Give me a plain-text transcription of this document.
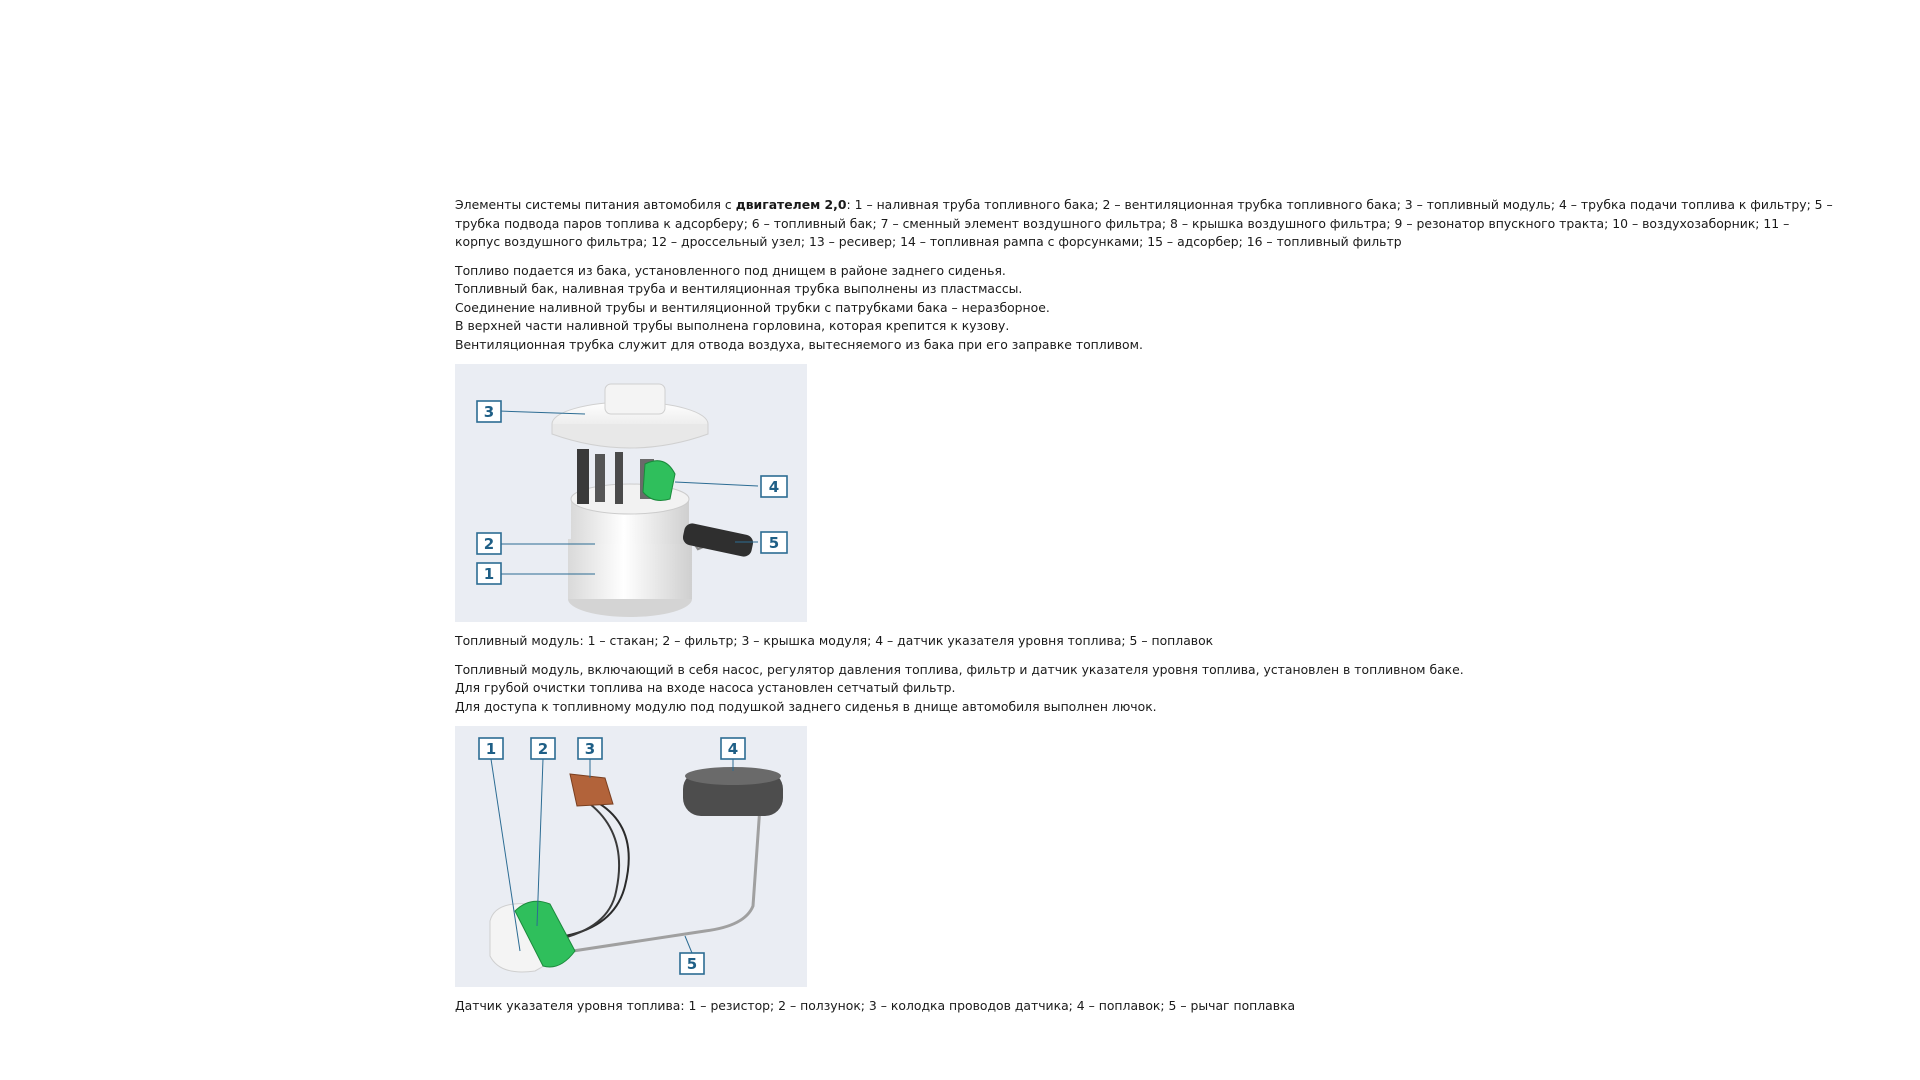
Элементы системы питания автомобиля с двигателем 2,0: 1 – наливная труба топливного бака; 2 – вентиляционная трубка топливного бака; 3 – топливный модуль; 4 – трубка подачи топлива к фильтру; 5 – трубка подвода паров топлива к адсорберу; 6 – топливный бак; 7 – сменный элемент воздушного фильтра; 8 – крышка воздушного фильтра; 9 – резонатор впускного тракта; 10 – воздухозаборник; 11 – корпус воздушного фильтра; 12 – дроссельный узел; 13 – ресивер; 14 – топливная рампа с форсунками; 15 – адсорбер; 16 – топливный фильтр

Топливо подается из бака, установленного под днищем в районе заднего сиденья.
Топливный бак, наливная труба и вентиляционная трубка выполнены из пластмассы.
Соединение наливной трубы и вентиляционной трубки с патрубками бака – неразборное.
В верхней части наливной трубы выполнена горловина, которая крепится к кузову.
Вентиляционная трубка служит для отвода воздуха, вытесняемого из бака при его заправке топливом.

3
4
2	5
1

Топливный модуль: 1 – стакан; 2 – фильтр; 3 – крышка модуля; 4 – датчик указателя уровня топлива; 5 – поплавок

Топливный модуль, включающий в себя насос, регулятор давления топлива, фильтр и датчик указателя уровня топлива, установлен в топливном баке.
Для грубой очистки топлива на входе насоса установлен сетчатый фильтр.
Для доступа к топливному модулю под подушкой заднего сиденья в днище автомобиля выполнен лючок.

1	2 3	4
5

Датчик указателя уровня топлива: 1 – резистор; 2 – ползунок; 3 – колодка проводов датчика; 4 – поплавок; 5 – рычаг поплавка
